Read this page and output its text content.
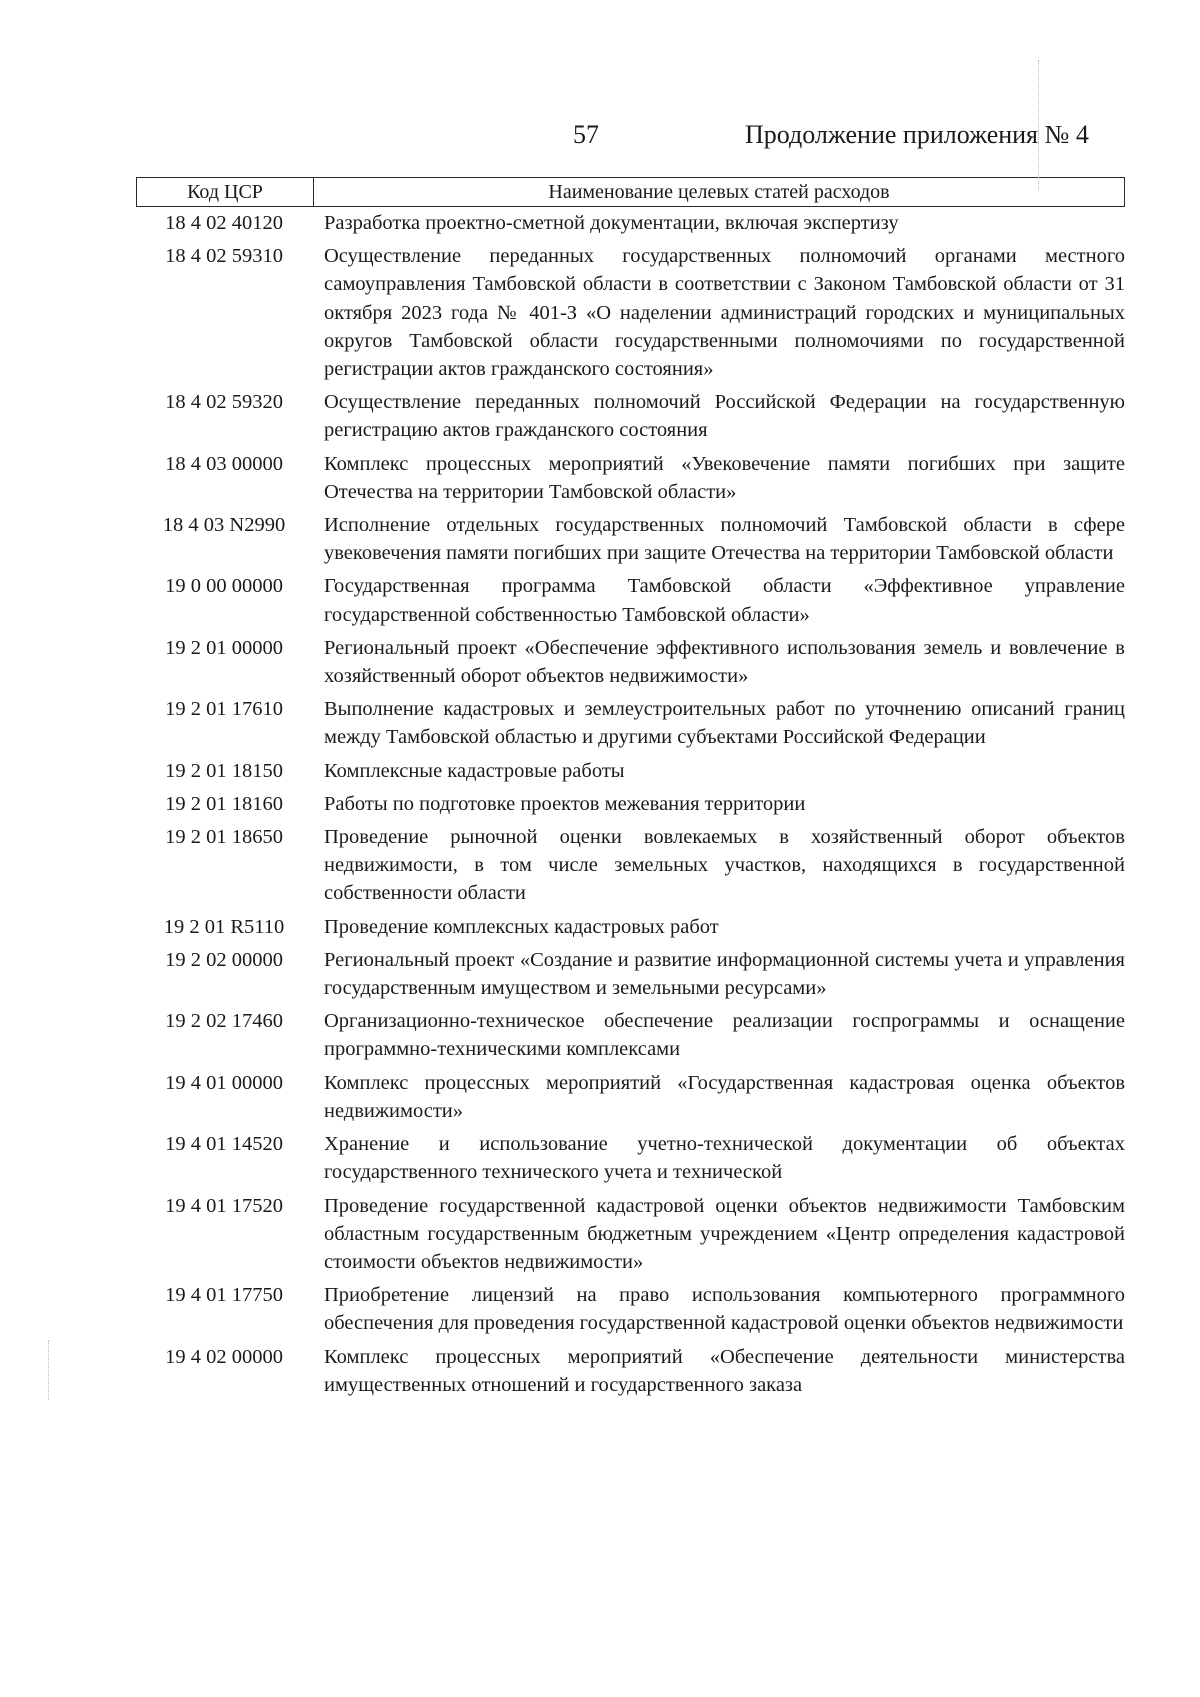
57	Продолжение приложения № 4
Код ЦСР	Наименование целевых статей расходов
18 4 02 40120	Разработка проектно-сметной документации, включая экспертизу
18 4 02 59310	Осуществление переданных государственных полномочий органами местного самоуправления Тамбовской области в соответствии с Законом Тамбовской области от 31 октября 2023 года № 401-З «О наделении администраций городских и муниципальных округов Тамбовской области государственными полномочиями по государственной регистрации актов гражданского состояния»
18 4 02 59320	Осуществление переданных полномочий Российской Федерации на государственную регистрацию актов гражданского состояния
18 4 03 00000	Комплекс процессных мероприятий «Увековечение памяти погибших при защите Отечества на территории Тамбовской области»
18 4 03 N2990	Исполнение отдельных государственных полномочий Тамбовской области в сфере увековечения памяти погибших при защите Отечества на территории Тамбовской области
19 0 00 00000	Государственная программа Тамбовской области «Эффективное управление государственной собственностью Тамбовской области»
19 2 01 00000	Региональный проект «Обеспечение эффективного использования земель и вовлечение в хозяйственный оборот объектов недвижимости»
19 2 01 17610	Выполнение кадастровых и землеустроительных работ по уточнению описаний границ между Тамбовской областью и другими субъектами Российской Федерации
19 2 01 18150	Комплексные кадастровые работы
19 2 01 18160	Работы по подготовке проектов межевания территории
19 2 01 18650	Проведение рыночной оценки вовлекаемых в хозяйственный оборот объектов недвижимости, в том числе земельных участков, находящихся в государственной собственности области
19 2 01 R5110	Проведение комплексных кадастровых работ
19 2 02 00000	Региональный проект «Создание и развитие информационной системы учета и управления государственным имуществом и земельными ресурсами»
19 2 02 17460	Организационно-техническое обеспечение реализации госпрограммы и оснащение программно-техническими комплексами
19 4 01 00000	Комплекс процессных мероприятий «Государственная кадастровая оценка объектов недвижимости»
19 4 01 14520	Хранение и использование учетно-технической документации об объектах государственного технического учета и технической
19 4 01 17520	Проведение государственной кадастровой оценки объектов недвижимости Тамбовским областным государственным бюджетным учреждением «Центр определения кадастровой стоимости объектов недвижимости»
19 4 01 17750	Приобретение лицензий на право использования компьютерного программного обеспечения для проведения государственной кадастровой оценки объектов недвижимости
19 4 02 00000	Комплекс процессных мероприятий «Обеспечение деятельности министерства имущественных отношений и государственного заказа
